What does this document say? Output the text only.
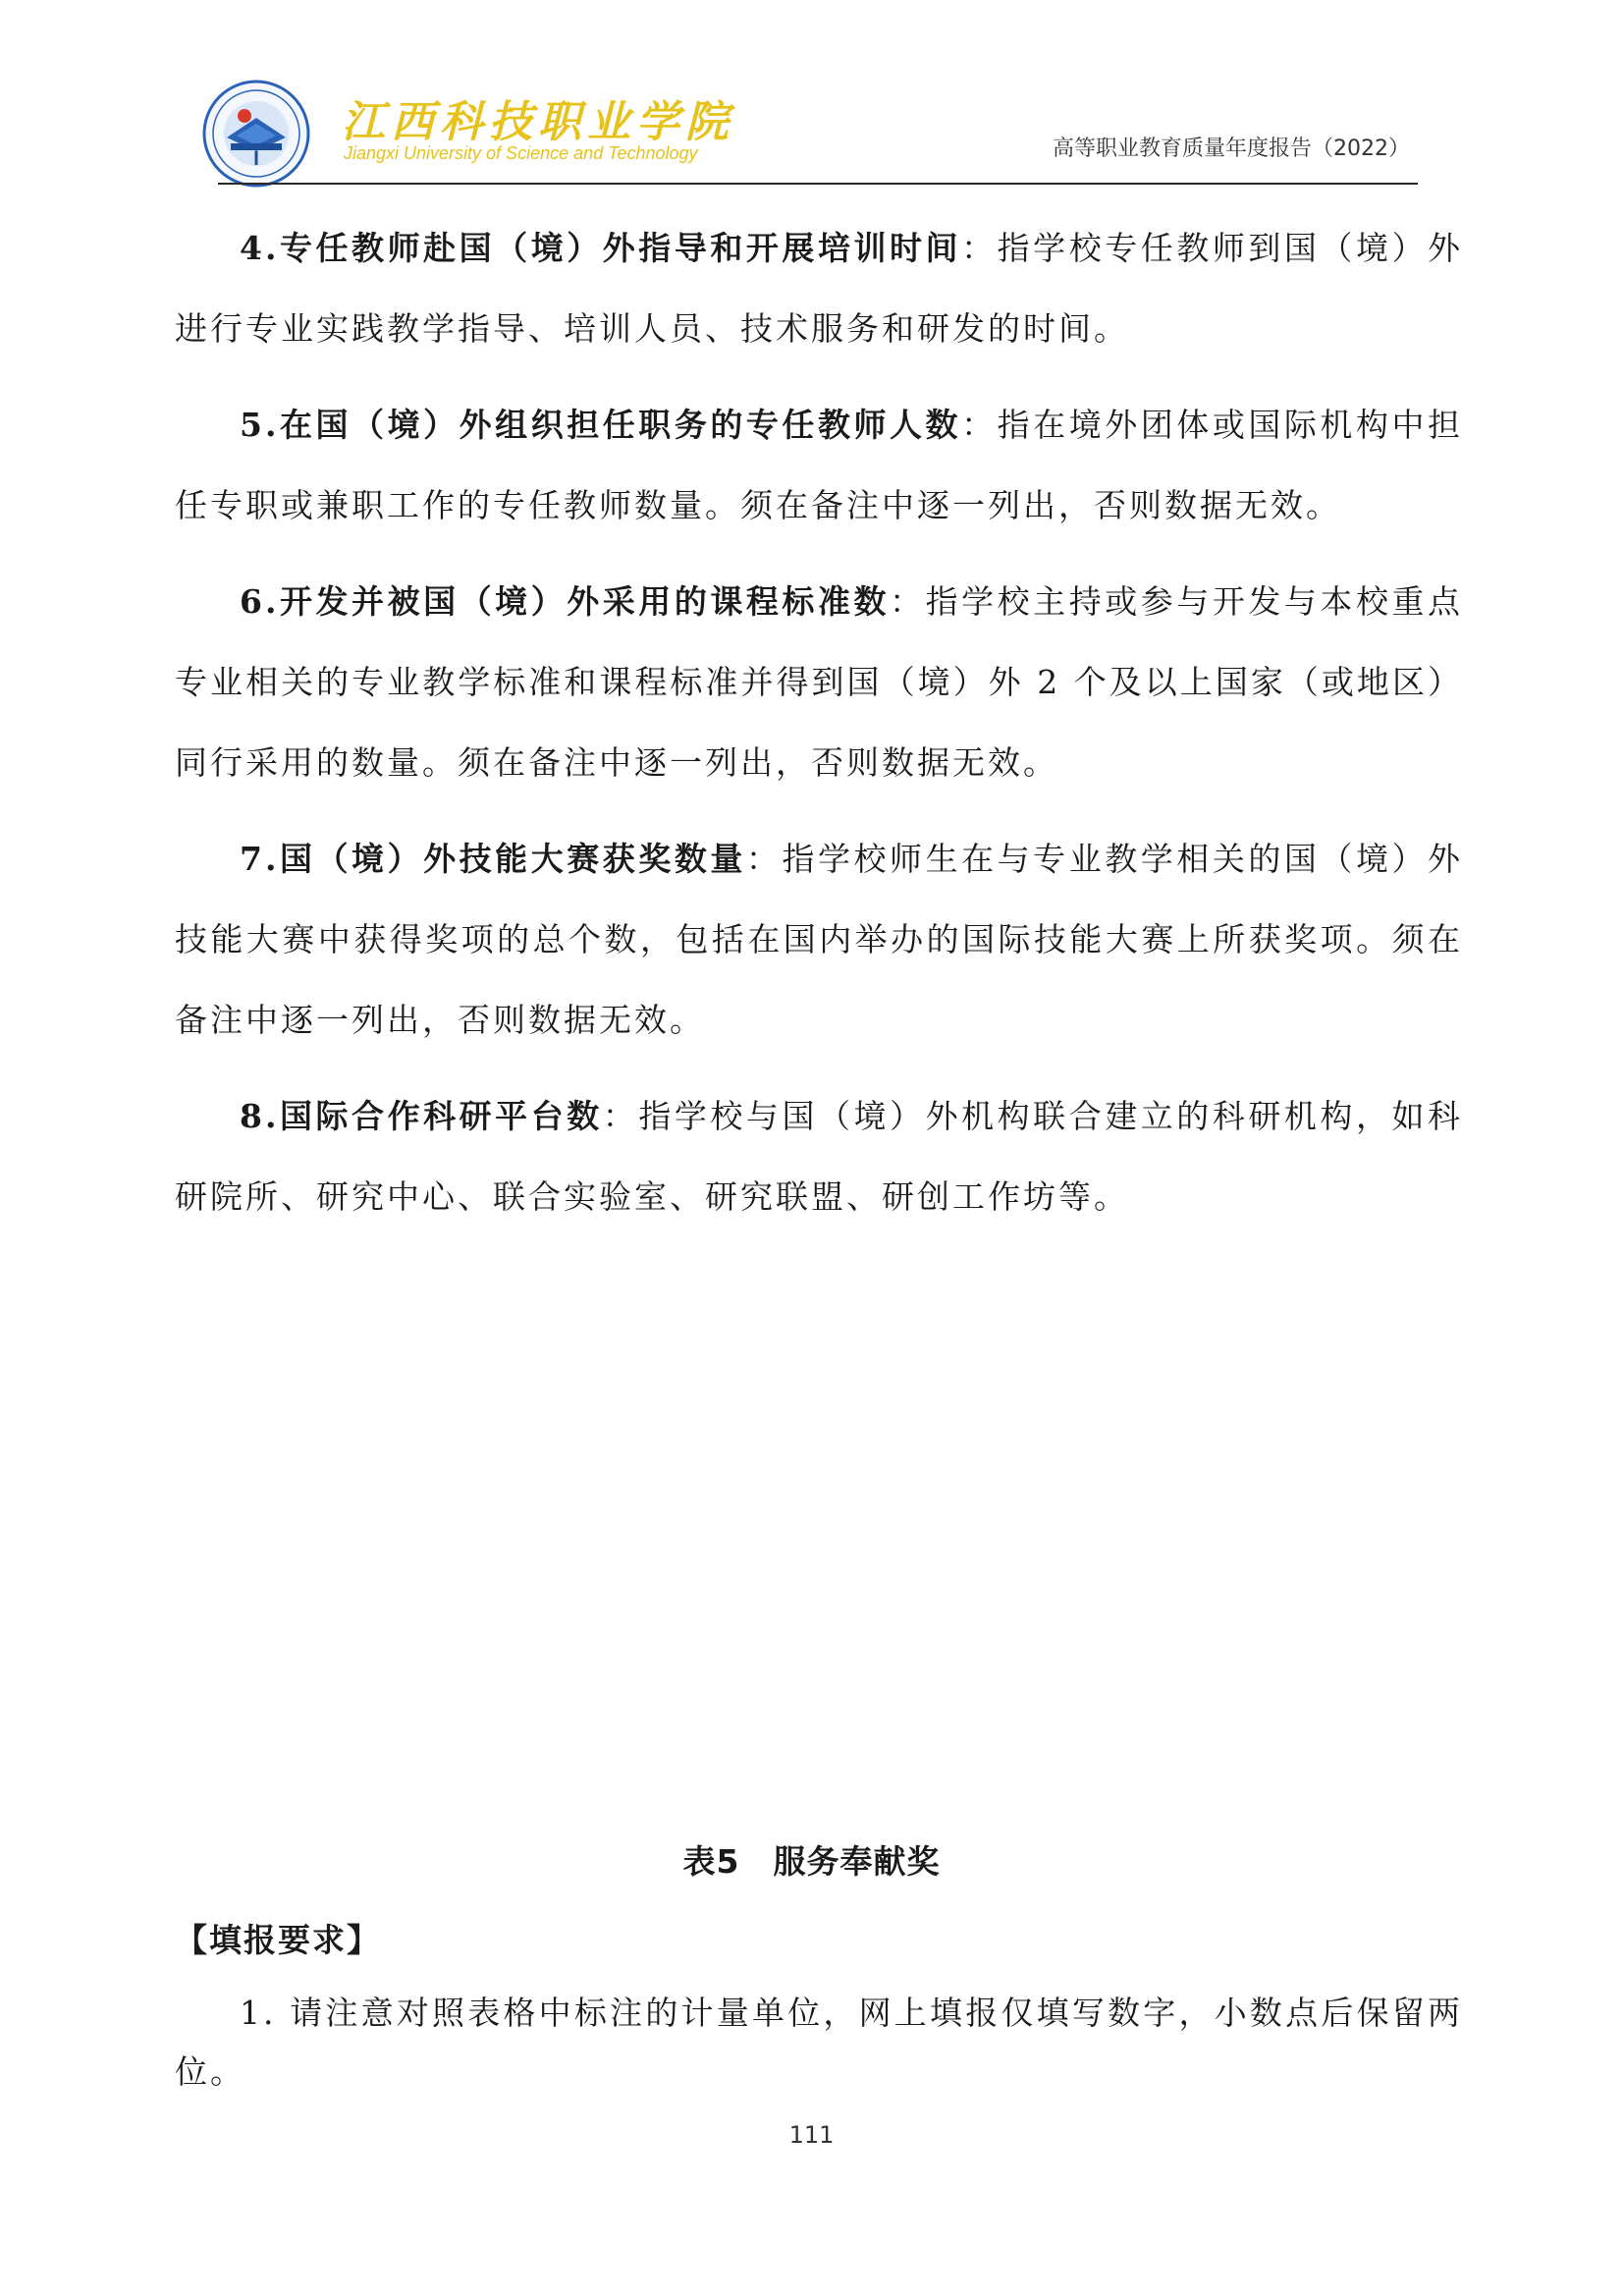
江西科技职业学院
Jiangxi University of Science and Technology	高等职业教育质量年度报告（2022）

4.专任教师赴国（境）外指导和开展培训时间：指学校专任教师到国（境）外进行专业实践教学指导、培训人员、技术服务和研发的时间。

5.在国（境）外组织担任职务的专任教师人数：指在境外团体或国际机构中担任专职或兼职工作的专任教师数量。须在备注中逐一列出，否则数据无效。

6.开发并被国（境）外采用的课程标准数：指学校主持或参与开发与本校重点专业相关的专业教学标准和课程标准并得到国（境）外 2 个及以上国家（或地区）同行采用的数量。须在备注中逐一列出，否则数据无效。

7.国（境）外技能大赛获奖数量：指学校师生在与专业教学相关的国（境）外技能大赛中获得奖项的总个数，包括在国内举办的国际技能大赛上所获奖项。须在备注中逐一列出，否则数据无效。

8.国际合作科研平台数：指学校与国（境）外机构联合建立的科研机构，如科研院所、研究中心、联合实验室、研究联盟、研创工作坊等。

表5　服务奉献奖
【填报要求】

1. 请注意对照表格中标注的计量单位，网上填报仅填写数字，小数点后保留两位。

111
